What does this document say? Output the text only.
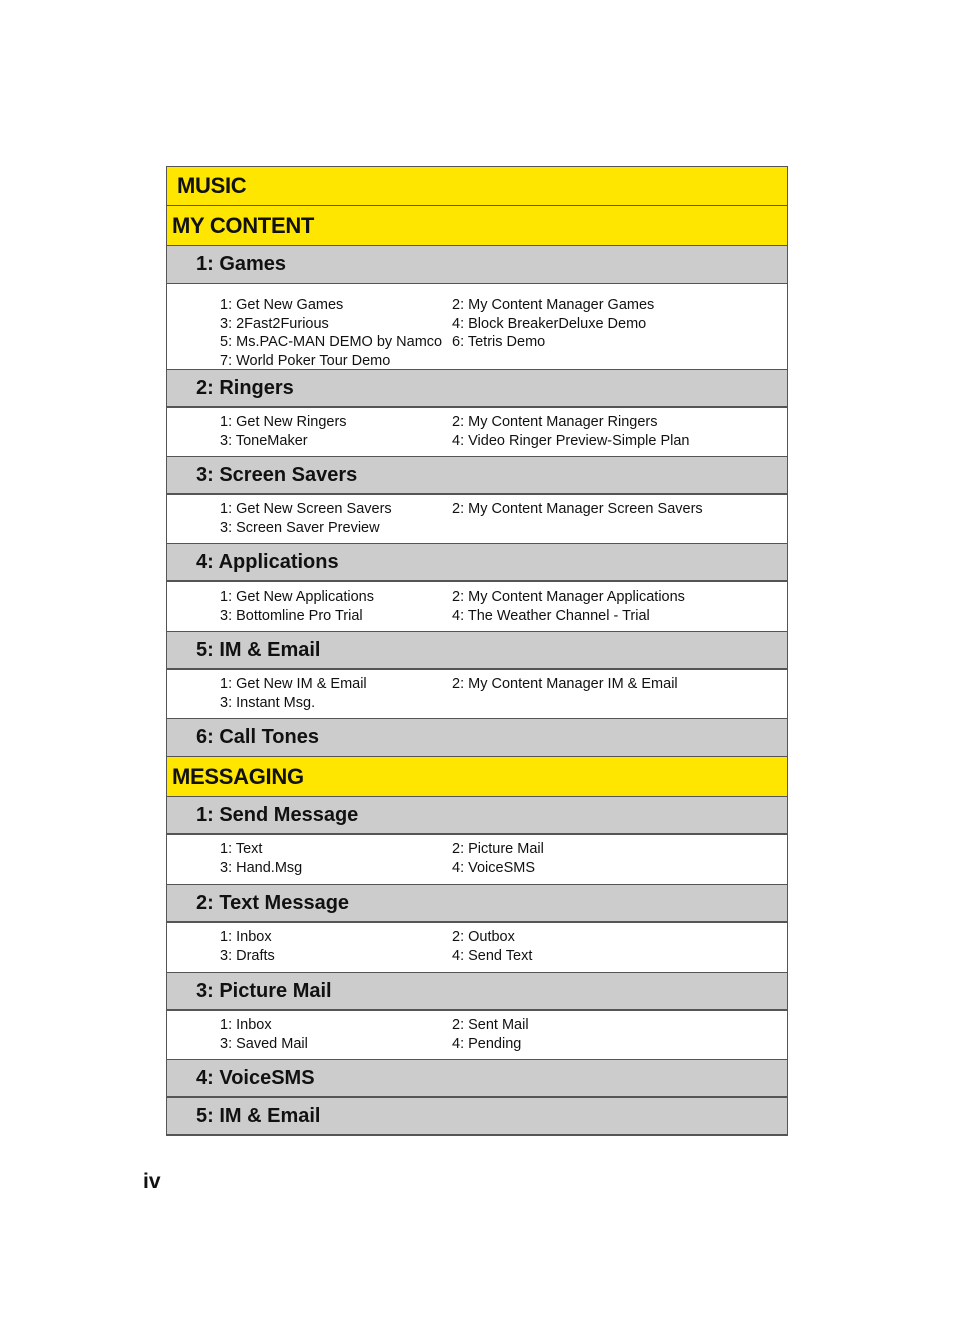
MUSIC
MY CONTENT
1: Games
1: Get New Games	2: My Content Manager Games
3: 2Fast2Furious	4: Block BreakerDeluxe Demo
5: Ms.PAC-MAN DEMO by Namco 6: Tetris Demo
7: World Poker Tour Demo
2: Ringers
1: Get New Ringers	2: My Content Manager Ringers
3: ToneMaker	4: Video Ringer Preview-Simple Plan
3: Screen Savers
1: Get New Screen Savers	2: My Content Manager Screen Savers
3: Screen Saver Preview
4: Applications
1: Get New Applications	2: My Content Manager Applications
3: Bottomline Pro Trial	4: The Weather Channel - Trial
5: IM & Email
1: Get New IM & Email	2: My Content Manager IM & Email
3: Instant Msg.
6: Call Tones
MESSAGING
1: Send Message
1: Text	2: Picture Mail
3: Hand.Msg	4: VoiceSMS
2: Text Message
1: Inbox	2: Outbox
3: Drafts	4: Send Text
3: Picture Mail
1: Inbox	2: Sent Mail
3: Saved Mail	4: Pending
4: VoiceSMS
5: IM & Email
iv
